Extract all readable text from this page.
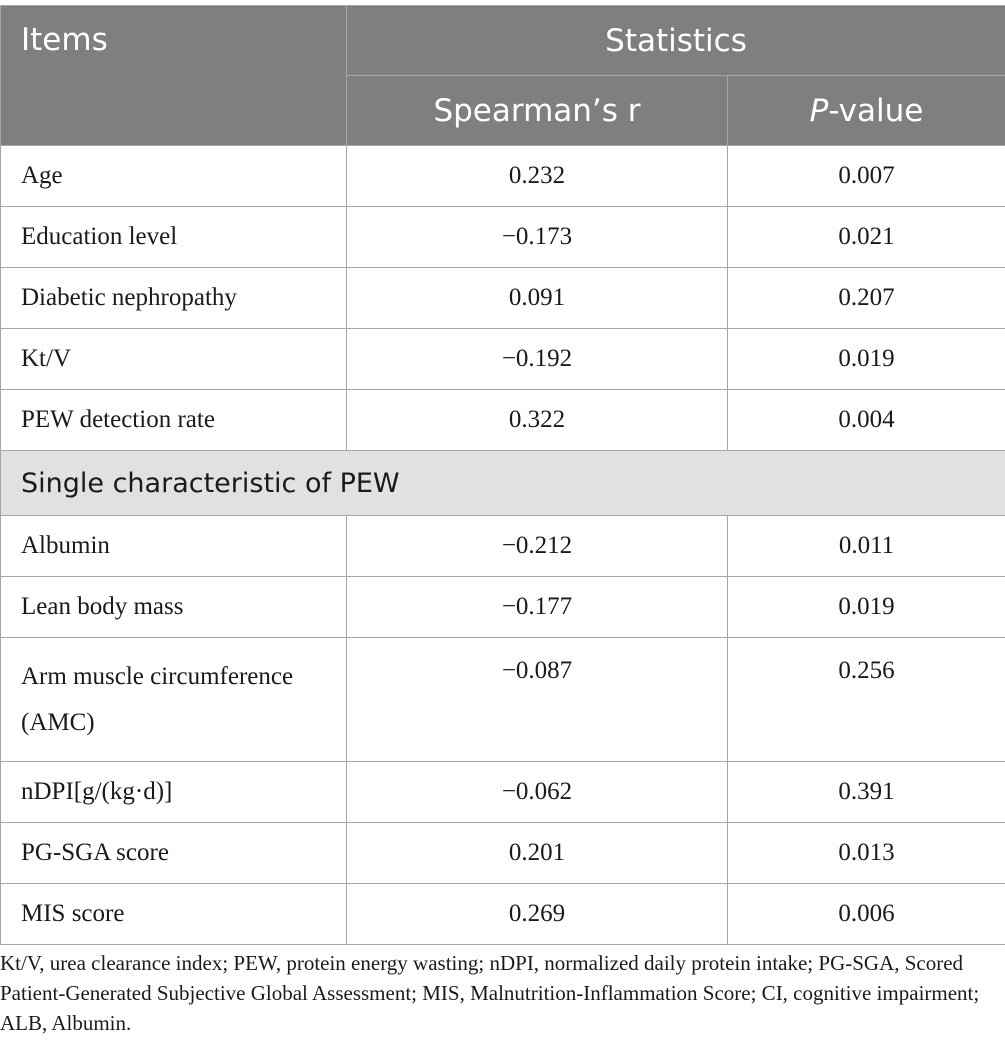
Items	Statistics	
	Spearman’s r	P-value
Age	0.232	0.007
Education level	−0.173	0.021
Diabetic nephropathy	0.091	0.207
Kt/V	−0.192	0.019
PEW detection rate	0.322	0.004
Single characteristic of PEW		
Albumin	−0.212	0.011
Lean body mass	−0.177	0.019
Arm muscle circumference (AMC)	−0.087	0.256
nDPI[g/(kg·d)]	−0.062	0.391
PG-SGA score	0.201	0.013
MIS score	0.269	0.006
Kt/V, urea clearance index; PEW, protein energy wasting; nDPI, normalized daily protein intake; PG-SGA, Scored Patient-Generated Subjective Global Assessment; MIS, Malnutrition-Inflammation Score; CI, cognitive impairment; ALB, Albumin.
